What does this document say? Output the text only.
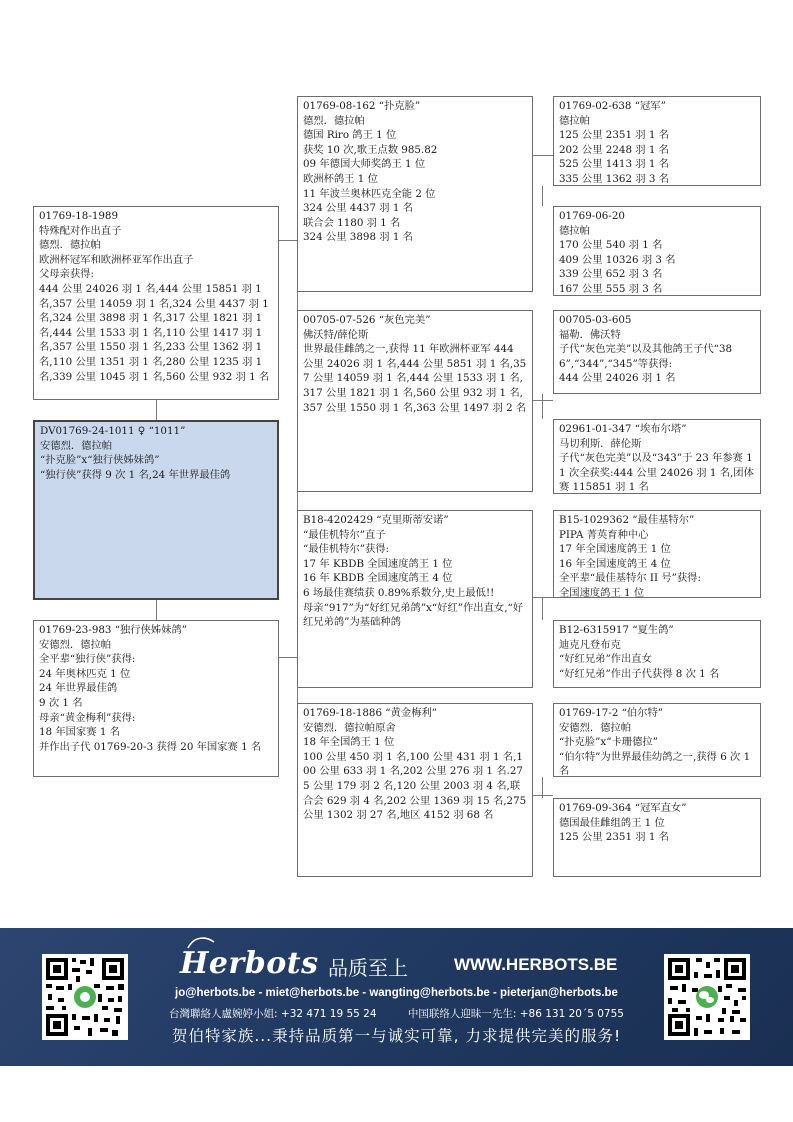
01769-18-1989
特殊配对作出直子
德烈．德拉帕
欧洲杯冠军和欧洲杯亚军作出直子
父母亲获得:
444 公里 24026 羽 1 名,444 公里 15851 羽 1 名,357 公里 14059 羽 1 名,324 公里 4437 羽 1 名,324 公里 3898 羽 1 名,317 公里 1821 羽 1 名,444 公里 1533 羽 1 名,110 公里 1417 羽 1 名,357 公里 1550 羽 1 名,233 公里 1362 羽 1 名,110 公里 1351 羽 1 名,280 公里 1235 羽 1 名,339 公里 1045 羽 1 名,560 公里 932 羽 1 名
DV01769-24-1011 ♀ “1011”
安德烈．德拉帕
“扑克脸”x“独行侠姊妹鸽”
“独行侠”获得 9 次 1 名,24 年世界最佳鸽
01769-23-983 “独行侠姊妹鸽”
安德烈．德拉帕
全平辈“独行侠”获得:
24 年奥林匹克 1 位
24 年世界最佳鸽
9 次 1 名
母亲“黄金梅利”获得:
18 年国家赛 1 名
并作出子代 01769-20-3 获得 20 年国家赛 1 名
01769-08-162 “扑克脸”
德烈．德拉帕
德国 Riro 鸽王 1 位
获奖 10 次,歌王点数 985.82
09 年德国大师奖鸽王 1 位
欧洲杯鸽王 1 位
11 年波兰奥林匹克全能 2 位
324 公里 4437 羽 1 名
联合会 1180 羽 1 名
324 公里 3898 羽 1 名
00705-07-526 “灰色完美”
佛沃特/薛伦斯
世界最佳雌鸽之一,获得 11 年欧洲杯亚军 444 公里 24026 羽 1 名,444 公里 5851 羽 1 名,357 公里 14059 羽 1 名,444 公里 1533 羽 1 名,317 公里 1821 羽 1 名,560 公里 932 羽 1 名,357 公里 1550 羽 1 名,363 公里 1497 羽 2 名
B18-4202429 “克里斯蒂安诺”
“最佳机特尔”直子
“最佳机特尔”获得:
17 年 KBDB 全国速度鸽王 1 位
16 年 KBDB 全国速度鸽王 4 位
6 场最佳赛绩获 0.89%系数分,史上最低!!
母亲“917”为“好红兄弟鸽”x“好红”作出直女,“好红兄弟鸽”为基础种鸽
01769-18-1886 “黄金梅利”
安德烈．德拉帕原舍
18 年全国鸽王 1 位
100 公里 450 羽 1 名,100 公里 431 羽 1 名,100 公里 633 羽 1 名,202 公里 276 羽 1 名.275 公里 179 羽 2 名,120 公里 2003 羽 4 名,联合会 629 羽 4 名,202 公里 1369 羽 15 名,275 公里 1302 羽 27 名,地区 4152 羽 68 名
01769-02-638 “冠军”
德拉帕
125 公里 2351 羽 1 名
202 公里 2248 羽 1 名
525 公里 1413 羽 1 名
335 公里 1362 羽 3 名
01769-06-20
德拉帕
170 公里 540 羽 1 名
409 公里 10326 羽 3 名
339 公里 652 羽 3 名
167 公里 555 羽 3 名
00705-03-605
福勒．佛沃特
子代“灰色完美”以及其他鸽王子代“386”,“344”,“345”等获得:
444 公里 24026 羽 1 名
02961-01-347 “埃布尔塔”
马切利斯．薛伦斯
子代“灰色完美”以及“343”于 23 年参赛 11 次全获奖:444 公里 24026 羽 1 名,团体赛 115851 羽 1 名
B15-1029362 “最佳基特尔”
PIPA 菁英育种中心
17 年全国速度鸽王 1 位
16 年全国速度鸽王 4 位
全平辈“最佳基特尔 II 号”获得:
全国速度鸽王 1 位
B12-6315917 “夏生鸽”
迪克凡登布克
“好红兄弟”作出直女
“好红兄弟”作出子代获得 8 次 1 名
01769-17-2 “伯尔特”
安德烈．德拉帕
“扑克脸”x“卡珊德拉”
“伯尔特”为世界最佳幼鸽之一,获得 6 次 1 名
01769-09-364 “冠军直女”
德国最佳雌组鸽王 1 位
125 公里 2351 羽 1 名
Herbots 品质至上	WWW.HERBOTS.BE
jo@herbots.be - miet@herbots.be - wangting@herbots.be - pieterjan@herbots.be
台灣聯絡人盧婉婷小姐: +32 471 19 55 24	中国联络人迎昧一先生: +86 131 20´5 0755
贺伯特家族...秉持品质第一与诚实可靠, 力求提供完美的服务!
